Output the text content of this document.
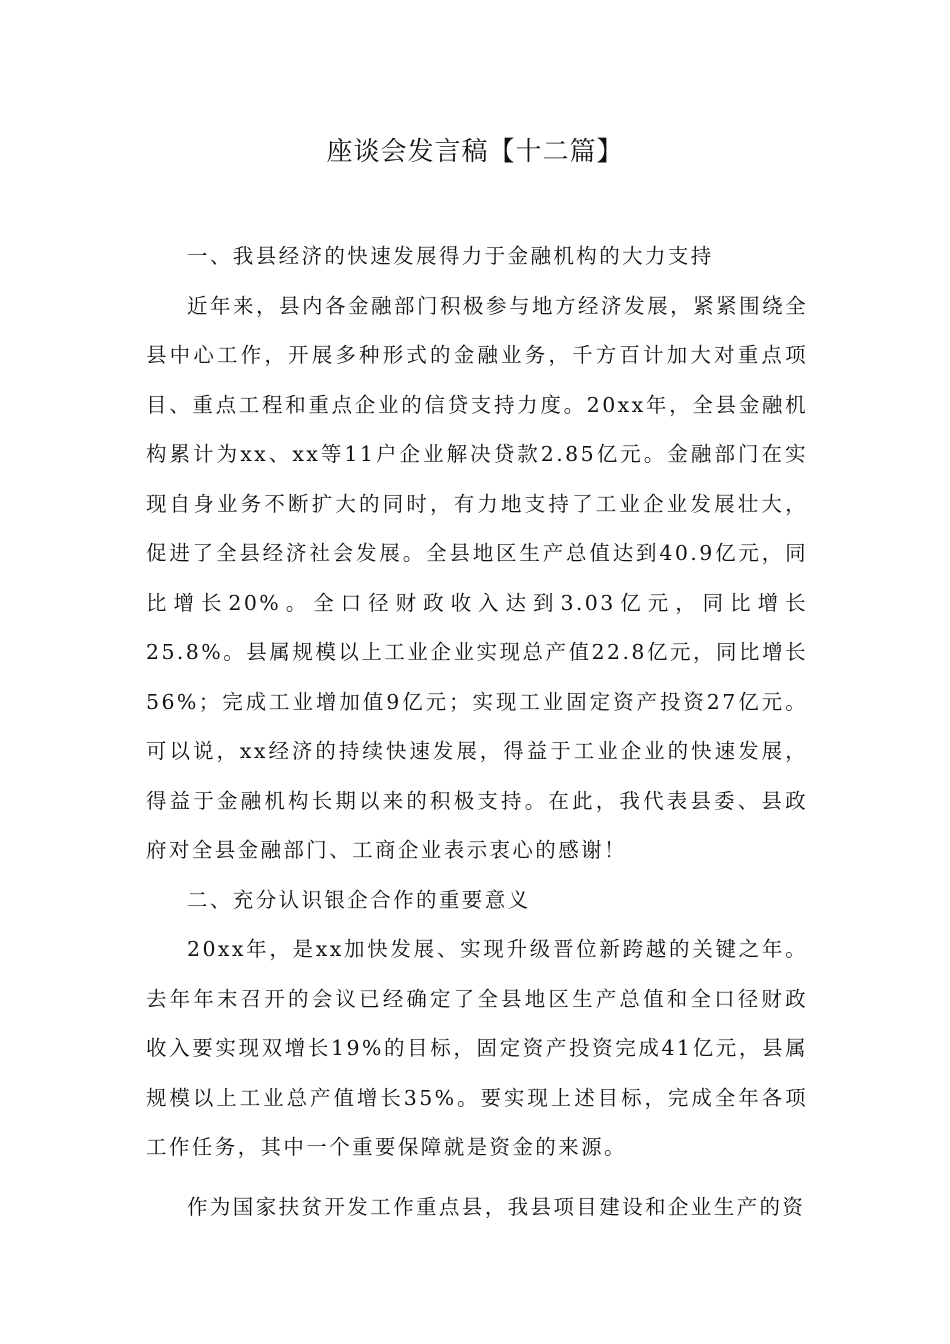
座谈会发言稿【十二篇】

一、我县经济的快速发展得力于金融机构的大力支持

近年来，县内各金融部门积极参与地方经济发展，紧紧围绕全县中心工作，开展多种形式的金融业务，千方百计加大对重点项目、重点工程和重点企业的信贷支持力度。20xx年，全县金融机构累计为xx、xx等11户企业解决贷款2.85亿元。金融部门在实现自身业务不断扩大的同时，有力地支持了工业企业发展壮大，促进了全县经济社会发展。全县地区生产总值达到40.9亿元，同比增长20%。全口径财政收入达到3.03亿元，同比增长25.8%。县属规模以上工业企业实现总产值22.8亿元，同比增长56%；完成工业增加值9亿元；实现工业固定资产投资27亿元。可以说，xx经济的持续快速发展，得益于工业企业的快速发展，得益于金融机构长期以来的积极支持。在此，我代表县委、县政府对全县金融部门、工商企业表示衷心的感谢！

二、充分认识银企合作的重要意义

20xx年，是xx加快发展、实现升级晋位新跨越的关键之年。去年年末召开的会议已经确定了全县地区生产总值和全口径财政收入要实现双增长19%的目标，固定资产投资完成41亿元，县属规模以上工业总产值增长35%。要实现上述目标，完成全年各项工作任务，其中一个重要保障就是资金的来源。

作为国家扶贫开发工作重点县，我县项目建设和企业生产的资
